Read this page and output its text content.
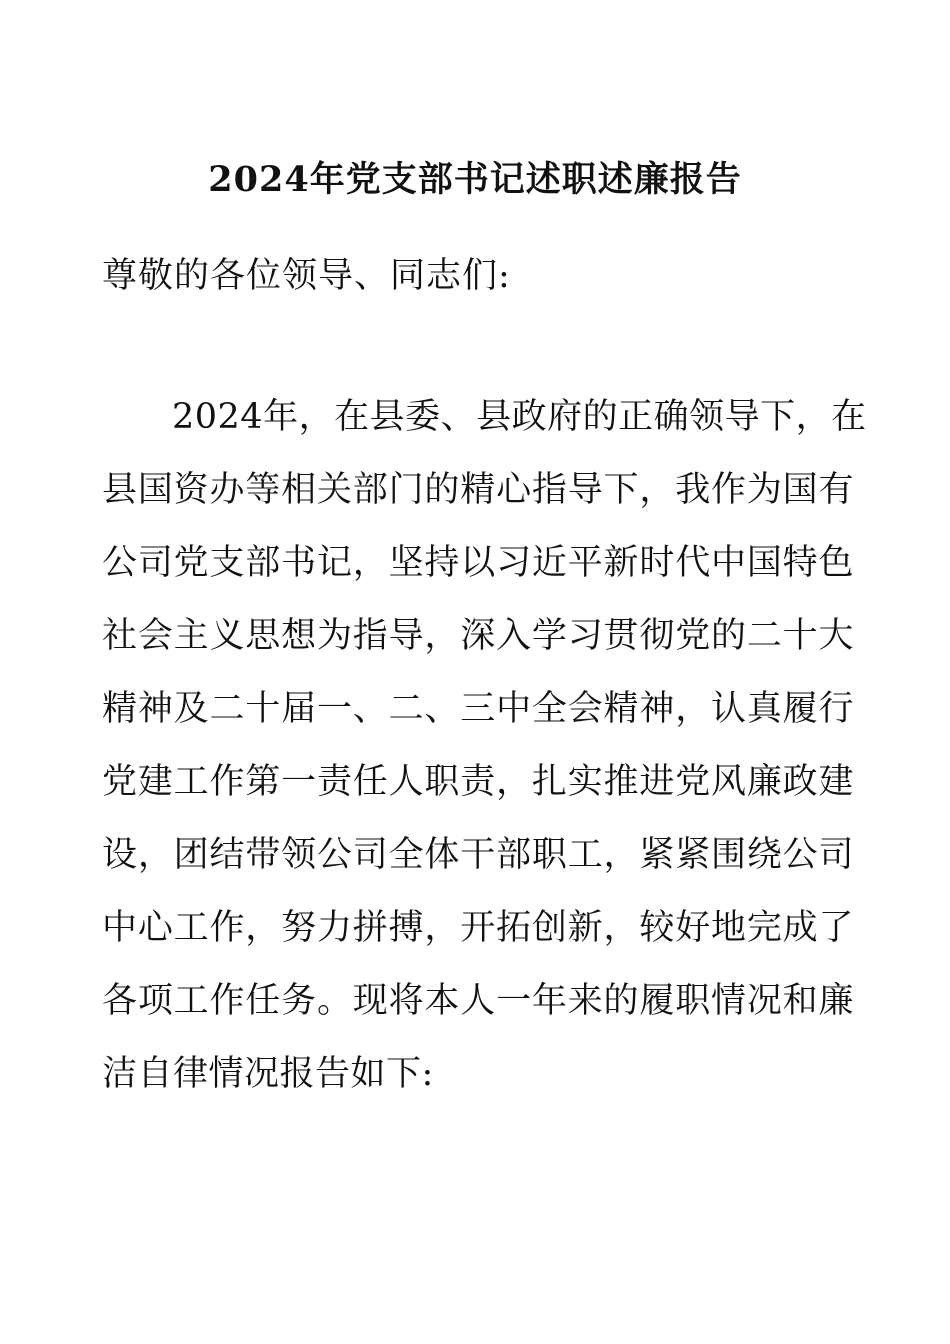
2024年党支部书记述职述廉报告
尊敬的各位领导、同志们:
2024年，在县委、县政府的正确领导下，在
县国资办等相关部门的精心指导下，我作为国有
公司党支部书记，坚持以习近平新时代中国特色
社会主义思想为指导，深入学习贯彻党的二十大
精神及二十届一、二、三中全会精神，认真履行
党建工作第一责任人职责，扎实推进党风廉政建
设，团结带领公司全体干部职工，紧紧围绕公司
中心工作，努力拼搏，开拓创新，较好地完成了
各项工作任务。现将本人一年来的履职情况和廉
洁自律情况报告如下:
